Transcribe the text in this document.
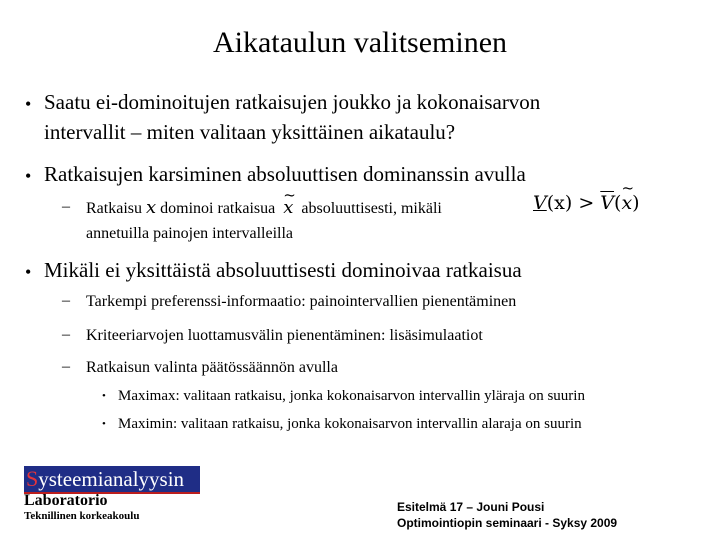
Aikataulun valitseminen
• Saatu ei-dominoitujen ratkaisujen joukko ja kokonaisarvon
intervallit – miten valitaan yksittäinen aikataulu?
• Ratkaisujen karsiminen absoluuttisen dominanssin avulla
– Ratkaisu x dominoi ratkaisua ~ x absoluuttisesti, mikäli	$V(x) > \overline{V}(\sim$ x)
annetuilla painojen intervalleilla
• Mikäli ei yksittäistä absoluuttisesti dominoivaa ratkaisua
– Tarkempi preferenssi-informaatio: painointervallien pienentäminen
– Kriteeriarvojen luottamusvälin pienentäminen: lisäsimulaatiot
– Ratkaisun valinta päätössäännön avulla
• Maximax: valitaan ratkaisu, jonka kokonaisarvon intervallin yläraja on suurin
• Maximin: valitaan ratkaisu, jonka kokonaisarvon intervallin alaraja on suurin
Systeemianalyysin
Laboratorio
Teknillinen korkeakoulu
Esitelmä 17 – Jouni Pousi
Optimointiopin seminaari - Syksy 2009
